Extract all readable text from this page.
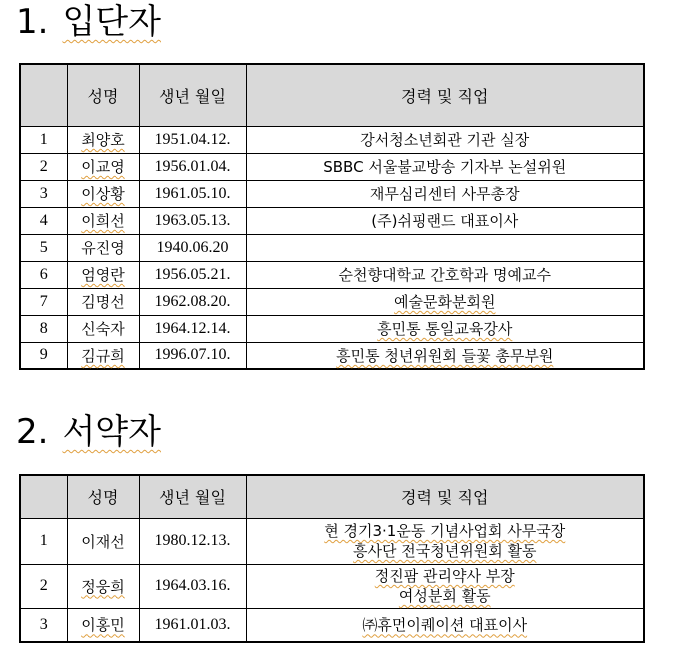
1. 입단자
	성명	생년 월일	경력 및 직업
1	최양호	1951.04.12.	강서청소년회관 기관 실장
2	이교영	1956.01.04.	SBBC 서울불교방송 기자부 논설위원
3	이상황	1961.05.10.	재무심리센터 사무총장
4	이희선	1963.05.13.	(주)쉬핑랜드 대표이사
5	유진영	1940.06.20	
6	엄영란	1956.05.21.	순천향대학교 간호학과 명예교수
7	김명선	1962.08.20.	예술문화분회원
8	신숙자	1964.12.14.	흥민통 통일교육강사
9	김규희	1996.07.10.	흥민통 청년위원회 들꽃 총무부원
2. 서약자
	성명	생년 월일	경력 및 직업
1	이재선	1980.12.13.	현 경기3·1운동 기념사업회 사무국장
흥사단 전국청년위원회 활동

2	정웅희	1964.03.16.	정진팜 관리약사 부장
여성분회 활동

3	이홍민	1961.01.03.	㈜휴먼이퀘이션 대표이사
